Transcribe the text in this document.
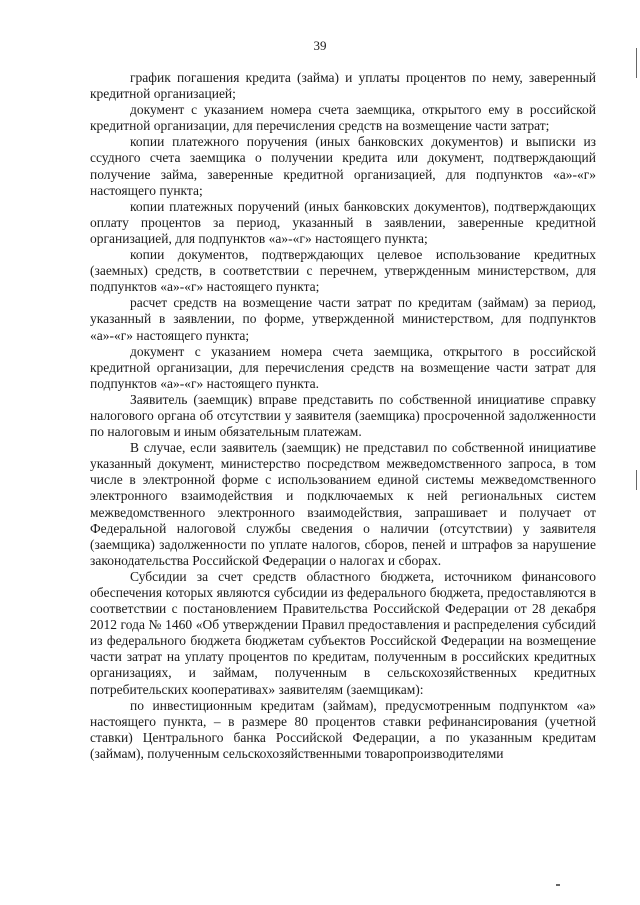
39

график погашения кредита (займа) и уплаты процентов по нему, заверенный кредитной организацией;

документ с указанием номера счета заемщика, открытого ему в российской кредитной организации, для перечисления средств на возмещение части затрат;

копии платежного поручения (иных банковских документов) и выписки из ссудного счета заемщика о получении кредита или документ, подтверждающий получение займа, заверенные кредитной организацией, для подпунктов «а»-«г» настоящего пункта;

копии платежных поручений (иных банковских документов), подтверждающих оплату процентов за период, указанный в заявлении, заверенные кредитной организацией, для подпунктов «а»-«г» настоящего пункта;

копии документов, подтверждающих целевое использование кредитных (заемных) средств, в соответствии с перечнем, утвержденным министерством, для подпунктов «а»-«г» настоящего пункта;

расчет средств на возмещение части затрат по кредитам (займам) за период, указанный в заявлении, по форме, утвержденной министерством, для подпунктов «а»-«г» настоящего пункта;

документ с указанием номера счета заемщика, открытого в российской кредитной организации, для перечисления средств на возмещение части затрат для подпунктов «а»-«г» настоящего пункта.

Заявитель (заемщик) вправе представить по собственной инициативе справку налогового органа об отсутствии у заявителя (заемщика) просроченной задолженности по налоговым и иным обязательным платежам.

В случае, если заявитель (заемщик) не представил по собственной инициативе указанный документ, министерство посредством межведомственного запроса, в том числе в электронной форме с использованием единой системы межведомственного электронного взаимодействия и подключаемых к ней региональных систем межведомственного электронного взаимодействия, запрашивает и получает от Федеральной налоговой службы сведения о наличии (отсутствии) у заявителя (заемщика) задолженности по уплате налогов, сборов, пеней и штрафов за нарушение законодательства Российской Федерации о налогах и сборах.

Субсидии за счет средств областного бюджета, источником финансового обеспечения которых являются субсидии из федерального бюджета, предоставляются в соответствии с постановлением Правительства Российской Федерации от 28 декабря 2012 года № 1460 «Об утверждении Правил предоставления и распределения субсидий из федерального бюджета бюджетам субъектов Российской Федерации на возмещение части затрат на уплату процентов по кредитам, полученным в российских кредитных организациях, и займам, полученным в сельскохозяйственных кредитных потребительских кооперативах» заявителям (заемщикам):

по инвестиционным кредитам (займам), предусмотренным подпунктом «а» настоящего пункта, – в размере 80 процентов ставки рефинансирования (учетной ставки) Центрального банка Российской Федерации, а по указанным кредитам (займам), полученным сельскохозяйственными товаропроизводителями
